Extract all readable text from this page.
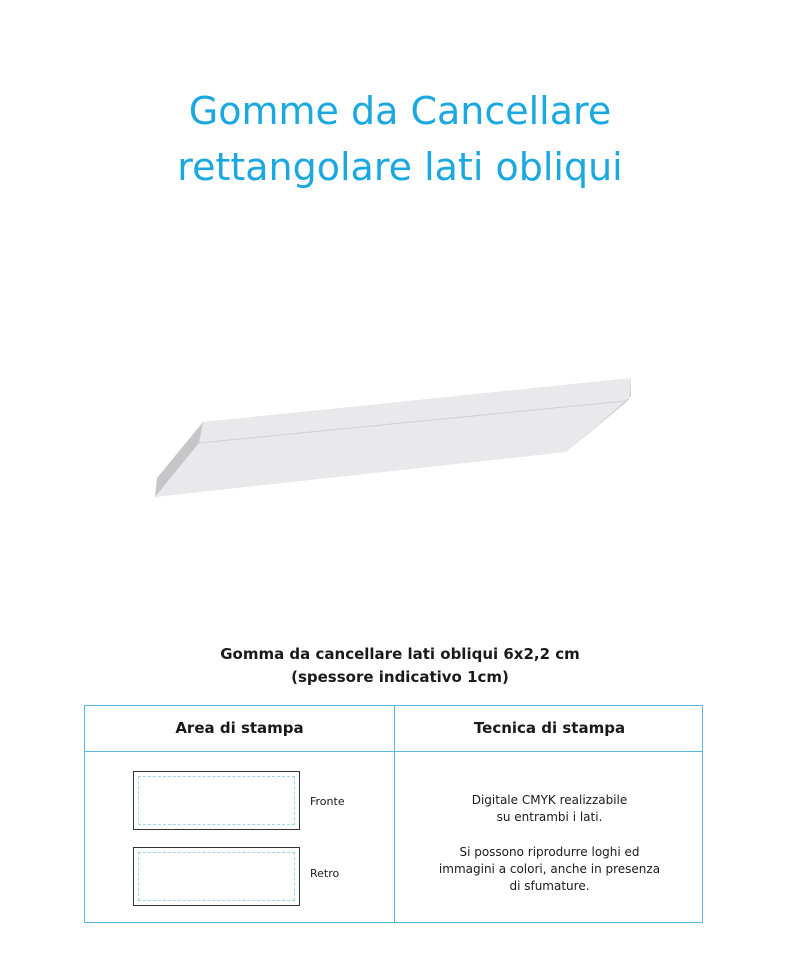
Gomme da Cancellare
rettangolare lati obliqui
Gomma da cancellare lati obliqui 6x2,2 cm
(spessore indicativo 1cm)
Area di stampa	Tecnica di stampa
Fronte
Retro
Digitale CMYK realizzabile
su entrambi i lati.
Si possono riprodurre loghi ed
immagini a colori, anche in presenza
di sfumature.
